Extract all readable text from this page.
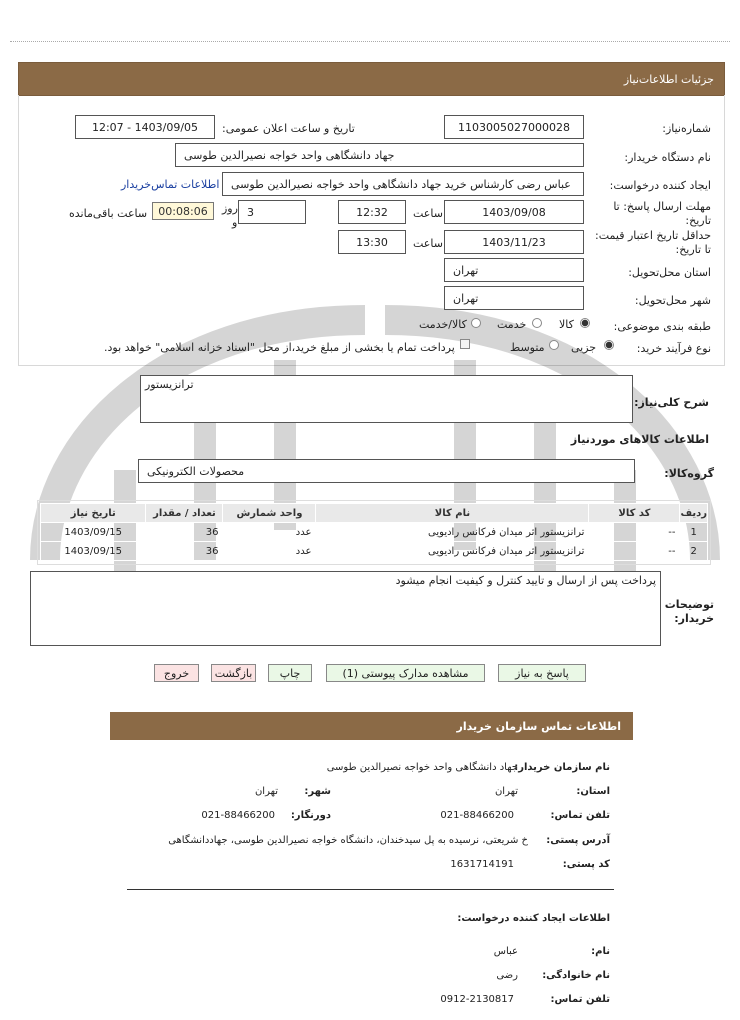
جزئیات اطلاعات‌نیاز
شماره‌نیاز:
1103005027000028
تاریخ و ساعت اعلان عمومی:
1403/09/05 - 12:07
نام دستگاه خریدار:
جهاد دانشگاهی واحد خواجه نصیرالدین طوسی
ایجاد کننده درخواست:
عباس رضی کارشناس خرید جهاد دانشگاهی واحد خواجه نصیرالدین طوسی
اطلاعات تماس‌خریدار
مهلت ارسال پاسخ: تا تاریخ:
1403/09/08
ساعت
12:32
3
روز
و
00:08:06
ساعت باقی‌مانده
حداقل تاریخ اعتبار قیمت: تا تاریخ:
1403/11/23
ساعت
13:30
استان محل‌تحویل:
تهران
شهر محل‌تحویل:
تهران
طبقه بندی موضوعی:
کالا
خدمت
کالا/خدمت
نوع فرآیند خرید:
جزیی
متوسط
پرداخت تمام یا بخشی از مبلغ خرید،از محل "اسناد خزانه اسلامی" خواهد بود.
شرح کلی‌نیاز:
ترانزیستور
اطلاعات کالاهای موردنیاز
گروه‌کالا:
محصولات الکترونیکی
ردیف	کد کالا	نام کالا	واحد شمارش	تعداد / مقدار	تاریخ نیاز
1	--	ترانزیستور اثر میدان فرکانس رادیویی	عدد	36	1403/09/15
2	--	ترانزیستور اثر میدان فرکانس رادیویی	عدد	36	1403/09/15
توضیحات خریدار:
پرداخت پس از ارسال و تایید کنترل و کیفیت انجام میشود
پاسخ به نیاز
مشاهده مدارک پیوستی (1)
چاپ
بازگشت
خروج
اطلاعات تماس سازمان خریدار
نام سازمان خریدار:
جهاد دانشگاهی واحد خواجه نصیرالدین طوسی
استان:
تهران
شهر:
تهران
تلفن تماس:
021-88466200
دورنگار:
021-88466200
آدرس پستی:
خ شریعتی، نرسیده به پل سیدخندان، دانشگاه خواجه نصیرالدین طوسی، جهاددانشگاهی
کد پستی:
1631714191
اطلاعات ایجاد کننده درخواست:
نام:
عباس
نام خانوادگی:
رضی
تلفن تماس:
0912-2130817
